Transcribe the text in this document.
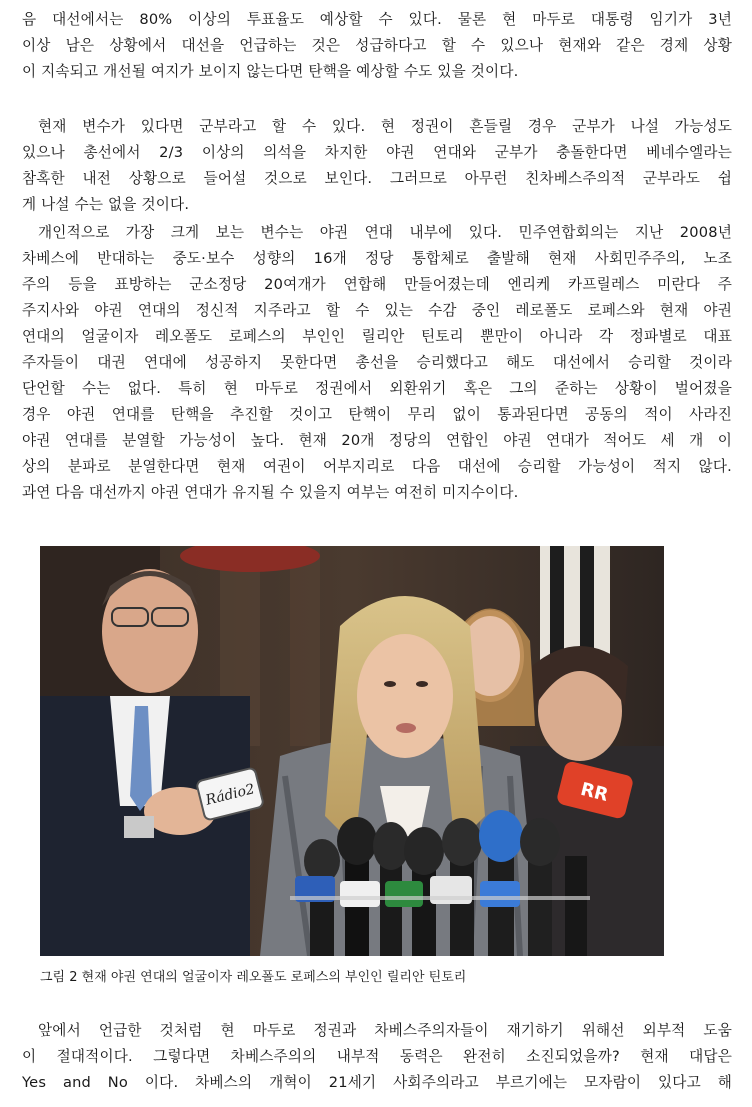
음 대선에서는 80% 이상의 투표율도 예상할 수 있다. 물론 현 마두로 대통령 임기가 3년
이상 남은 상황에서 대선을 언급하는 것은 성급하다고 할 수 있으나 현재와 같은 경제 상황
이 지속되고 개선될 여지가 보이지 않는다면 탄핵을 예상할 수도 있을 것이다.
현재 변수가 있다면 군부라고 할 수 있다. 현 정권이 흔들릴 경우 군부가 나설 가능성도
있으나 총선에서 2/3 이상의 의석을 차지한 야권 연대와 군부가 충돌한다면 베네수엘라는
참혹한 내전 상황으로 들어설 것으로 보인다. 그러므로 아무런 친차베스주의적 군부라도 쉽
게 나설 수는 없을 것이다.
개인적으로 가장 크게 보는 변수는 야권 연대 내부에 있다. 민주연합회의는 지난 2008년
차베스에 반대하는 중도·보수 성향의 16개 정당 통합체로 출발해 현재 사회민주주의, 노조
주의 등을 표방하는 군소정당 20여개가 연합해 만들어졌는데 엔리케 카프릴레스 미란다 주
주지사와 야권 연대의 정신적 지주라고 할 수 있는 수감 중인 레로폴도 로페스와 현재 야권
연대의 얼굴이자 레오폴도 로페스의 부인인 릴리안 틴토리 뿐만이 아니라 각 정파별로 대표
주자들이 대권 연대에 성공하지 못한다면 총선을 승리했다고 해도 대선에서 승리할 것이라
단언할 수는 없다. 특히 현 마두로 정권에서 외환위기 혹은 그의 준하는 상황이 벌어졌을
경우 야권 연대를 탄핵을 추진할 것이고 탄핵이 무리 없이 통과된다면 공동의 적이 사라진
야권 연대를 분열할 가능성이 높다. 현재 20개 정당의 연합인 야권 연대가 적어도 세 개 이
상의 분파로 분열한다면 현재 여권이 어부지리로 다음 대선에 승리할 가능성이 적지 않다.
과연 다음 대선까지 야권 연대가 유지될 수 있을지 여부는 여전히 미지수이다.
Rádio2	RR
그림 2 현재 야권 연대의 얼굴이자 레오폴도 로페스의 부인인 릴리안 틴토리
앞에서 언급한 것처럼 현 마두로 정권과 차베스주의자들이 재기하기 위해선 외부적 도움
이 절대적이다. 그렇다면 차베스주의의 내부적 동력은 완전히 소진되었을까? 현재 대답은
Yes and No 이다. 차베스의 개혁이 21세기 사회주의라고 부르기에는 모자람이 있다고 해
